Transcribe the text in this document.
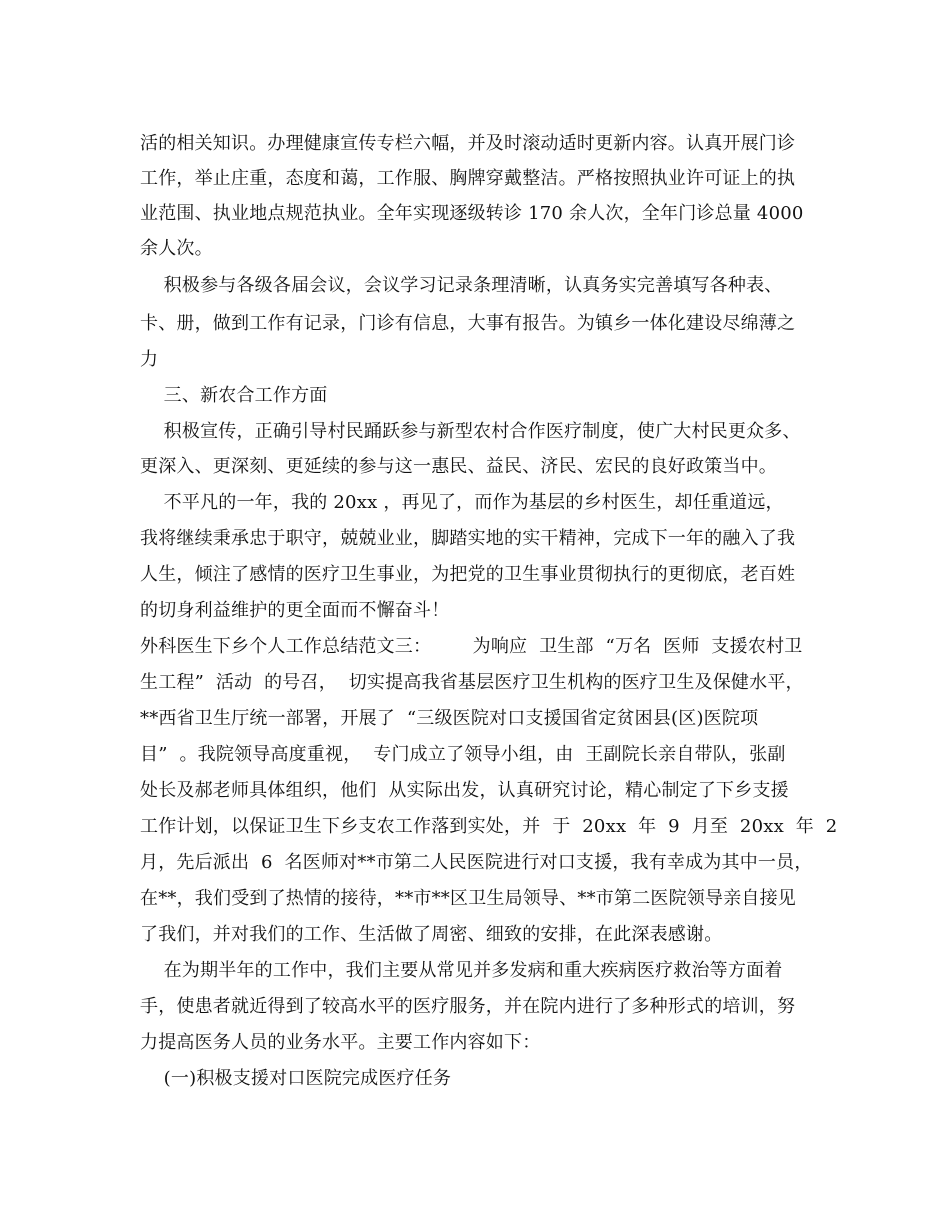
活的相关知识。办理健康宣传专栏六幅，并及时滚动适时更新内容。认真开展门诊
工作，举止庄重，态度和蔼，工作服、胸牌穿戴整洁。严格按照执业许可证上的执
业范围、执业地点规范执业。全年实现逐级转诊 170 余人次，全年门诊总量 4000
余人次。
积极参与各级各届会议，会议学习记录条理清晰，认真务实完善填写各种表、
卡、册，做到工作有记录，门诊有信息，大事有报告。为镇乡一体化建设尽绵薄之
力
三、新农合工作方面
积极宣传，正确引导村民踊跃参与新型农村合作医疗制度，使广大村民更众多、
更深入、更深刻、更延续的参与这一惠民、益民、济民、宏民的良好政策当中。
不平凡的一年，我的 20xx ，再见了，而作为基层的乡村医生，却任重道远，
我将继续秉承忠于职守，兢兢业业，脚踏实地的实干精神，完成下一年的融入了我
人生，倾注了感情的医疗卫生事业，为把党的卫生事业贯彻执行的更彻底，老百姓
的切身利益维护的更全面而不懈奋斗！
外科医生下乡个人工作总结范文三：       为响应  卫生部  “万名  医师  支援农村卫
生工程”  活动  的号召，  切实提高我省基层医疗卫生机构的医疗卫生及保健水平，
**西省卫生厅统一部署，开展了  “三级医院对口支援国省定贫困县(区)医院项
目”  。我院领导高度重视，  专门成立了领导小组，由  王副院长亲自带队，张副
处长及郝老师具体组织，他们  从实际出发，认真研究讨论，精心制定了下乡支援
工作计划，以保证卫生下乡支农工作落到实处，并  于  20xx  年  9  月至  20xx  年  2
月，先后派出  6  名医师对**市第二人民医院进行对口支援，我有幸成为其中一员，
在**，我们受到了热情的接待，**市**区卫生局领导、**市第二医院领导亲自接见
了我们，并对我们的工作、生活做了周密、细致的安排，在此深表感谢。
在为期半年的工作中，我们主要从常见并多发病和重大疾病医疗救治等方面着
手，使患者就近得到了较高水平的医疗服务，并在院内进行了多种形式的培训，努
力提高医务人员的业务水平。主要工作内容如下：
(一)积极支援对口医院完成医疗任务
